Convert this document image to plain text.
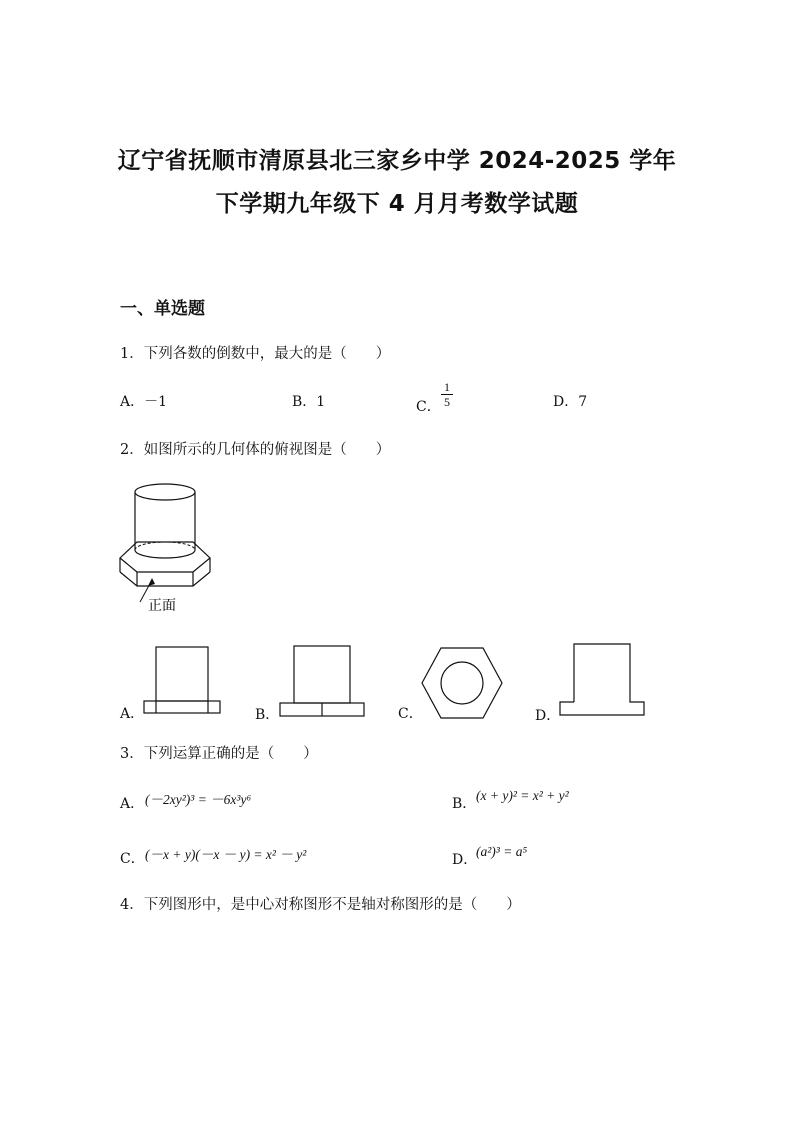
辽宁省抚顺市清原县北三家乡中学 2024-2025 学年
下学期九年级下 4 月月考数学试题
一、单选题
1．下列各数的倒数中，最大的是（　　）
A．－1	B．1	C．
1
5	D．7
2．如图所示的几何体的俯视图是（　　）
正面
A．	B．	C．	D．
3．下列运算正确的是（　　）
A． (－2xy²)³ = －6x³y⁶	B．
(x + y)² = x² + y²
C． (－x + y)(－x － y) = x² － y²	D．
(a²)³ = a⁵
4．下列图形中，是中心对称图形不是轴对称图形的是（　　）
